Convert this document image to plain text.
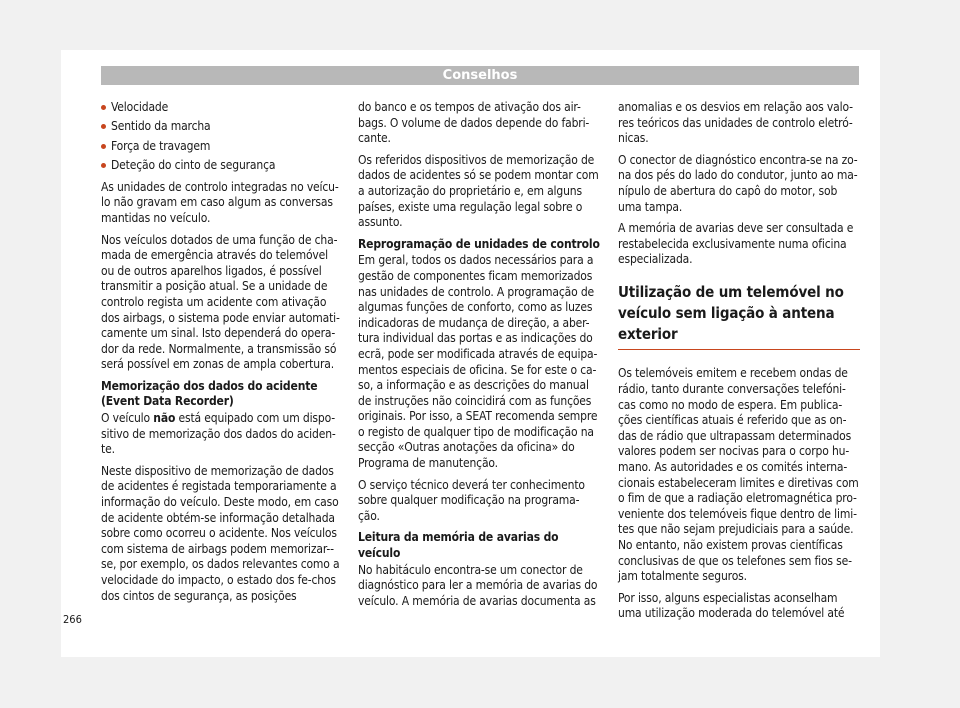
Conselhos
Velocidade
Sentido da marcha
Força de travagem
Deteção do cinto de segurança

As unidades de controlo integradas no veícu-lo não gravam em caso algum as conversas mantidas no veículo.

Nos veículos dotados de uma função de cha-mada de emergência através do telemóvel ou de outros aparelhos ligados, é possível transmitir a posição atual. Se a unidade de controlo regista um acidente com ativação dos airbags, o sistema pode enviar automati-camente um sinal. Isto dependerá do opera-dor da rede. Normalmente, a transmissão só será possível em zonas de ampla cobertura.

Memorização dos dados do acidente (Event Data Recorder)

O veículo não está equipado com um dispo-sitivo de memorização dos dados do aciden-te.

Neste dispositivo de memorização de dados de acidentes é registada temporariamente a informação do veículo. Deste modo, em caso de acidente obtém-se informação detalhada sobre como ocorreu o acidente. Nos veículos com sistema de airbags podem memorizar--se, por exemplo, os dados relevantes como a velocidade do impacto, o estado dos fe-chos dos cintos de segurança, as posições

do banco e os tempos de ativação dos air-bags. O volume de dados depende do fabri-cante.

Os referidos dispositivos de memorização de dados de acidentes só se podem montar com a autorização do proprietário e, em alguns países, existe uma regulação legal sobre o assunto.

Reprogramação de unidades de controlo

Em geral, todos os dados necessários para a gestão de componentes ficam memorizados nas unidades de controlo. A programação de algumas funções de conforto, como as luzes indicadoras de mudança de direção, a aber-tura individual das portas e as indicações do ecrã, pode ser modificada através de equipa-mentos especiais de oficina. Se for este o ca-so, a informação e as descrições do manual de instruções não coincidirá com as funções originais. Por isso, a SEAT recomenda sempre o registo de qualquer tipo de modificação na secção «Outras anotações da oficina» do Programa de manutenção.

O serviço técnico deverá ter conhecimento sobre qualquer modificação na programa-ção.

Leitura da memória de avarias do veículo

No habitáculo encontra-se um conector de diagnóstico para ler a memória de avarias do veículo. A memória de avarias documenta as

anomalias e os desvios em relação aos valo-res teóricos das unidades de controlo eletró-nicas.

O conector de diagnóstico encontra-se na zo-na dos pés do lado do condutor, junto ao ma-nípulo de abertura do capô do motor, sob uma tampa.

A memória de avarias deve ser consultada e restabelecida exclusivamente numa oficina especializada.

Utilização de um telemóvel no veículo sem ligação à antena exterior

Os telemóveis emitem e recebem ondas de rádio, tanto durante conversações telefóni-cas como no modo de espera. Em publica-ções científicas atuais é referido que as on-das de rádio que ultrapassam determinados valores podem ser nocivas para o corpo hu-mano. As autoridades e os comités interna-cionais estabeleceram limites e diretivas com o fim de que a radiação eletromagnética pro-veniente dos telemóveis fique dentro de limi-tes que não sejam prejudiciais para a saúde. No entanto, não existem provas científicas conclusivas de que os telefones sem fios se-jam totalmente seguros.

Por isso, alguns especialistas aconselham uma utilização moderada do telemóvel até

266
